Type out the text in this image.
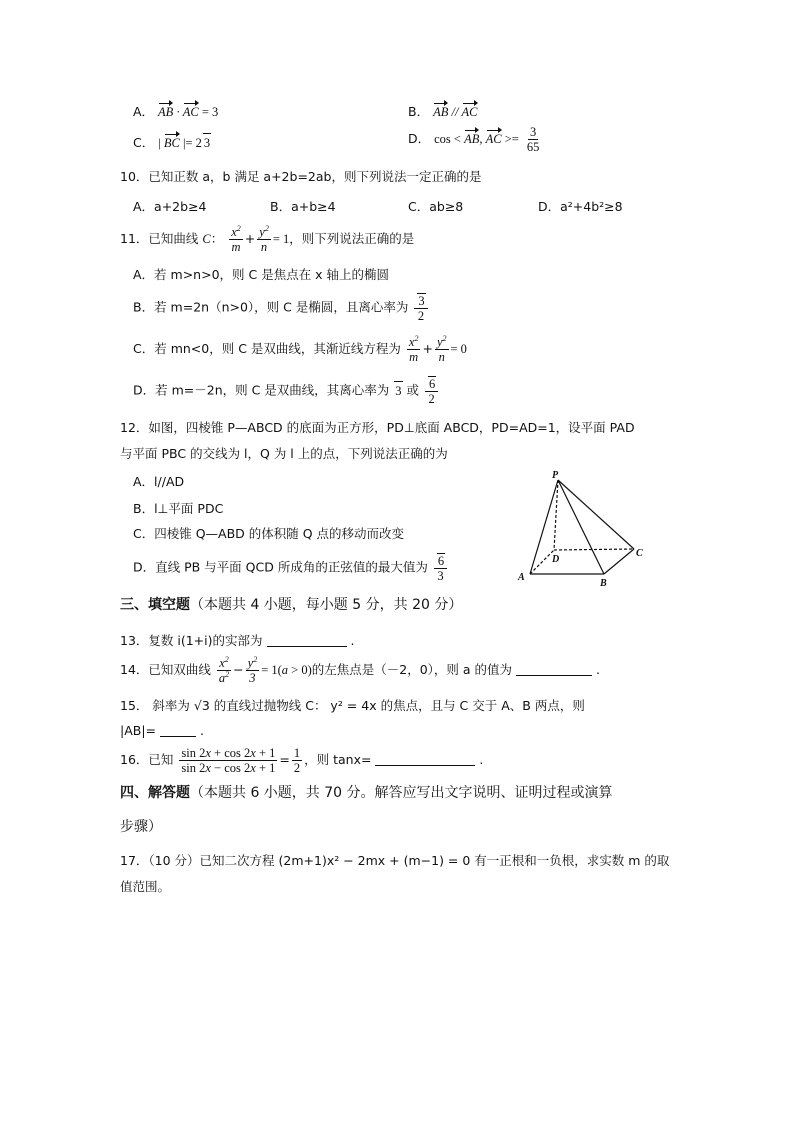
A． AB · AC = 3	B． AB // AC
C． | BC |= 2 3	D． cos < AB, AC >= $\frac{3}{65}$
10．已知正数 a，b 满足 a+2b=2ab，则下列说法一定正确的是
A．a+2b≥4	B．a+b≥4	C．ab≥8	D．a²+4b²≥8
11．已知曲线 C： $\frac{x^2}{m} + \frac{y^2}{n} = 1$，则下列说法正确的是
A．若 m>n>0，则 C 是焦点在 x 轴上的椭圆
B．若 m=2n（n>0），则 C 是椭圆，且离心率为 $\frac{3}{2}$
C．若 mn<0，则 C 是双曲线，其渐近线方程为 $\frac{x^2}{m} + \frac{y^2}{n} = 0$
D．若 m=－2n，则 C 是双曲线，其离心率为 3 或 $\frac{6}{2}$
12．如图，四棱锥 P—ABCD 的底面为正方形，PD⊥底面 ABCD，PD=AD=1，设平面 PAD
与平面 PBC 的交线为 l，Q 为 l 上的点，下列说法正确的为
A．l//AD
B．l⊥平面 PDC
C．四棱锥 Q—ABD 的体积随 Q 点的移动而改变
D．直线 PB 与平面 QCD 所成角的正弦值的最大值为 $\frac{6}{3}$
P
A
B
C
D
三、填空题（本题共 4 小题，每小题 5 分，共 20 分）
13．复数 i(1+i)的实部为	.
14．已知双曲线 $\frac{x^2}{a^2} - \frac{y^2}{3} = 1(a > 0)$的左焦点是（－2，0），则 a 的值为	.
15． 斜率为 √3 的直线过抛物线 C： y² = 4x 的焦点，且与 C 交于 A、B 两点，则
|AB|=	.
16．已知 $\frac{\sin 2x + \cos 2x + 1}{\sin 2x - \cos 2x + 1} = \frac{1}{2}$ ，则 tanx=	.
四、解答题（本题共 6 小题，共 70 分。解答应写出文字说明、证明过程或演算
步骤）
17．（10 分）已知二次方程 (2m+1)x² − 2mx + (m−1) = 0 有一正根和一负根，求实数 m 的取
值范围。
